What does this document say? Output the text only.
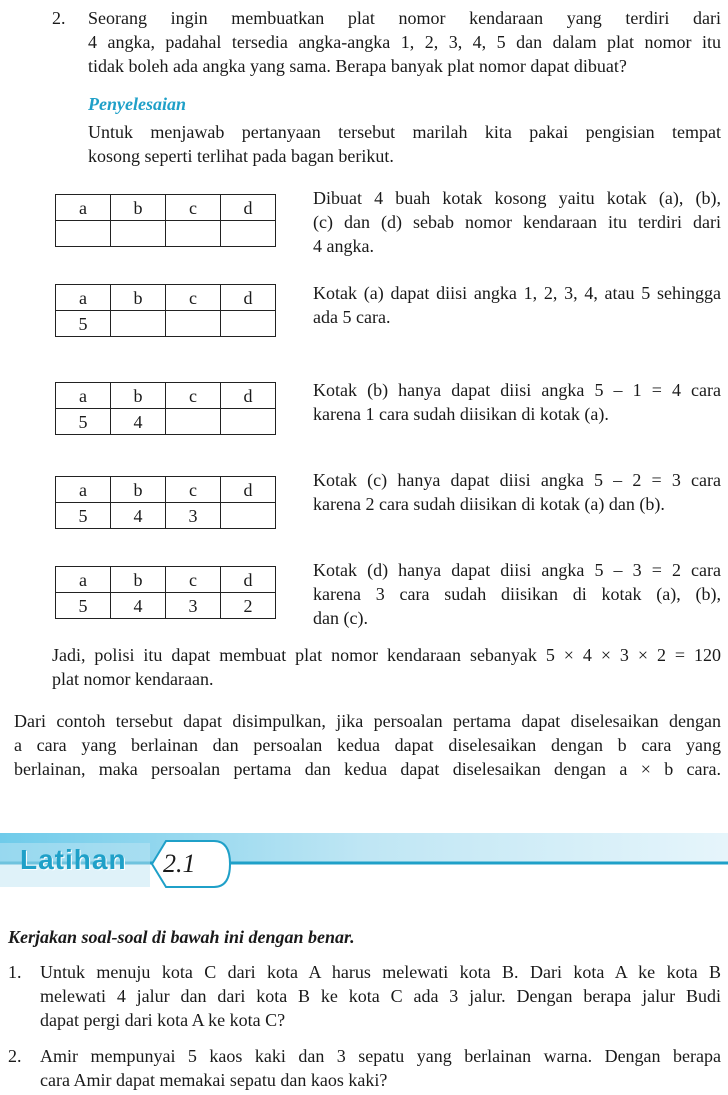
2. Seorang ingin membuatkan plat nomor kendaraan yang terdiri dari
4 angka, padahal tersedia angka-angka 1, 2, 3, 4, 5 dan dalam plat nomor itu
tidak boleh ada angka yang sama. Berapa banyak plat nomor dapat dibuat?
Penyelesaian
Untuk menjawab pertanyaan tersebut marilah kita pakai pengisian tempat
kosong seperti terlihat pada bagan berikut.
a	b	c	d
				Dibuat 4 buah kotak kosong yaitu kotak (a), (b),
(c) dan (d) sebab nomor kendaraan itu terdiri dari
4 angka.
a	b	c	d
5			
Kotak (a) dapat diisi angka 1, 2, 3, 4, atau 5 sehingga
ada 5 cara.
a	b	c	d
5	4		
Kotak (b) hanya dapat diisi angka 5 – 1 = 4 cara
karena 1 cara sudah diisikan di kotak (a).
a	b	c	d
5	4	3	
Kotak (c) hanya dapat diisi angka 5 – 2 = 3 cara
karena 2 cara sudah diisikan di kotak (a) dan (b).
a	b	c	d
5	4	3	2
Kotak (d) hanya dapat diisi angka 5 – 3 = 2 cara
karena 3 cara sudah diisikan di kotak (a), (b),
dan (c).
Jadi, polisi itu dapat membuat plat nomor kendaraan sebanyak 5 × 4 × 3 × 2 = 120
plat nomor kendaraan.
Dari contoh tersebut dapat disimpulkan, jika persoalan pertama dapat diselesaikan dengan
a cara yang berlainan dan persoalan kedua dapat diselesaikan dengan b cara yang
berlainan, maka persoalan pertama dan kedua dapat diselesaikan dengan a × b cara.
Latihan 2.1
Kerjakan soal-soal di bawah ini dengan benar.
1. Untuk menuju kota C dari kota A harus melewati kota B. Dari kota A ke kota B
melewati 4 jalur dan dari kota B ke kota C ada 3 jalur. Dengan berapa jalur Budi
dapat pergi dari kota A ke kota C?
2. Amir mempunyai 5 kaos kaki dan 3 sepatu yang berlainan warna. Dengan berapa
cara Amir dapat memakai sepatu dan kaos kaki?
